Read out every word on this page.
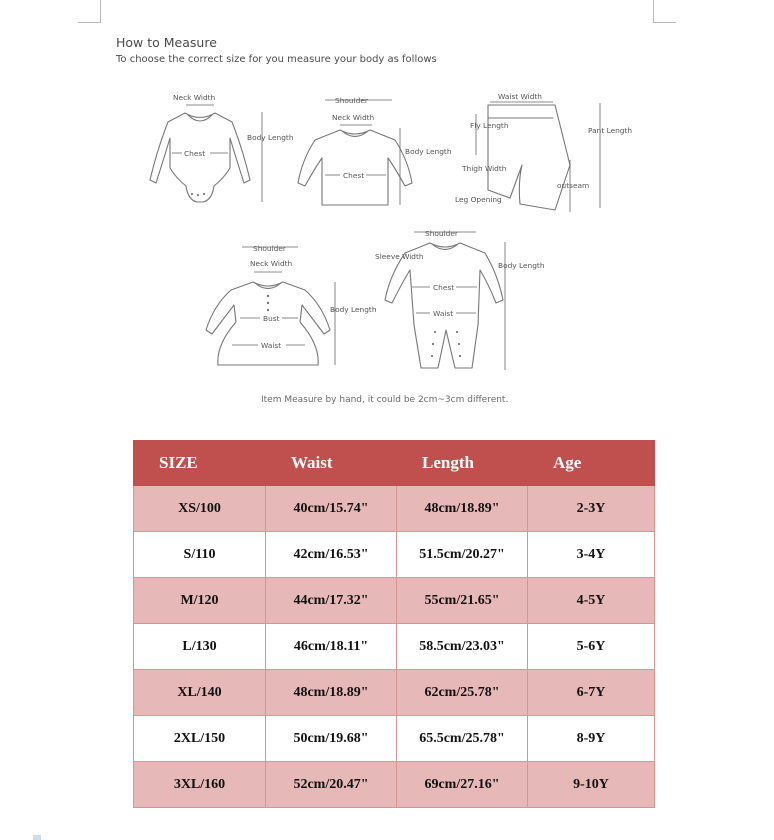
How to Measure
To choose the correct size for you measure your body as follows
Neck Width
Chest
Body Length
Shoulder
Neck Width
Chest
Body Length
Waist Width
Fly Length
Pant Length
Thigh Width
outseam
Leg Opening
Shoulder
Neck Width
Bust
Waist
Body Length
Shoulder
Sleeve Width
Chest
Waist
Body Length
Item Measure by hand, it could be 2cm~3cm different.
SIZE	Waist	Length	Age
XS/100	40cm/15.74"	48cm/18.89"	2-3Y
S/110	42cm/16.53"	51.5cm/20.27"	3-4Y
M/120	44cm/17.32"	55cm/21.65"	4-5Y
L/130	46cm/18.11"	58.5cm/23.03"	5-6Y
XL/140	48cm/18.89"	62cm/25.78"	6-7Y
2XL/150	50cm/19.68"	65.5cm/25.78"	8-9Y
3XL/160	52cm/20.47"	69cm/27.16"	9-10Y
